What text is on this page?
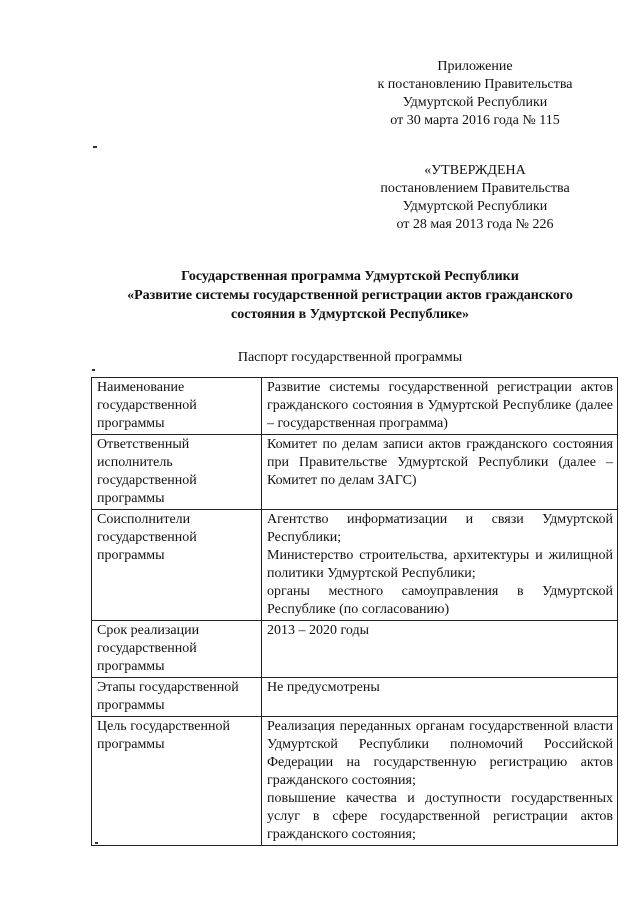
Приложение
к постановлению Правительства
Удмуртской Республики
от 30 марта 2016 года № 115
«УТВЕРЖДЕНА
постановлением Правительства
Удмуртской Республики
от 28 мая 2013 года № 226
Государственная программа Удмуртской Республики
«Развитие системы государственной регистрации актов гражданского
состояния в Удмуртской Республике»
Паспорт государственной программы
Наименование государственной программы	Развитие системы государственной регистрации актов гражданского состояния в Удмуртской Республике (далее – государственная программа)

Ответственный исполнитель государственной программы	Комитет по делам записи актов гражданского состояния при Правительстве Удмуртской Республики (далее – Комитет по делам ЗАГС)

Соисполнители государственной программы	Агентство информатизации и связи Удмуртской Республики;
Министерство строительства, архитектуры и жилищной политики Удмуртской Республики;
органы местного самоуправления в Удмуртской Республике (по согласованию)

Срок реализации государственной программы	2013 – 2020 годы

Этапы государственной программы	Не предусмотрены

Цель государственной программы	Реализация переданных органам государственной власти Удмуртской Республики полномочий Российской Федерации на государственную регистрацию актов гражданского состояния;
повышение качества и доступности государственных услуг в сфере государственной регистрации актов гражданского состояния;
